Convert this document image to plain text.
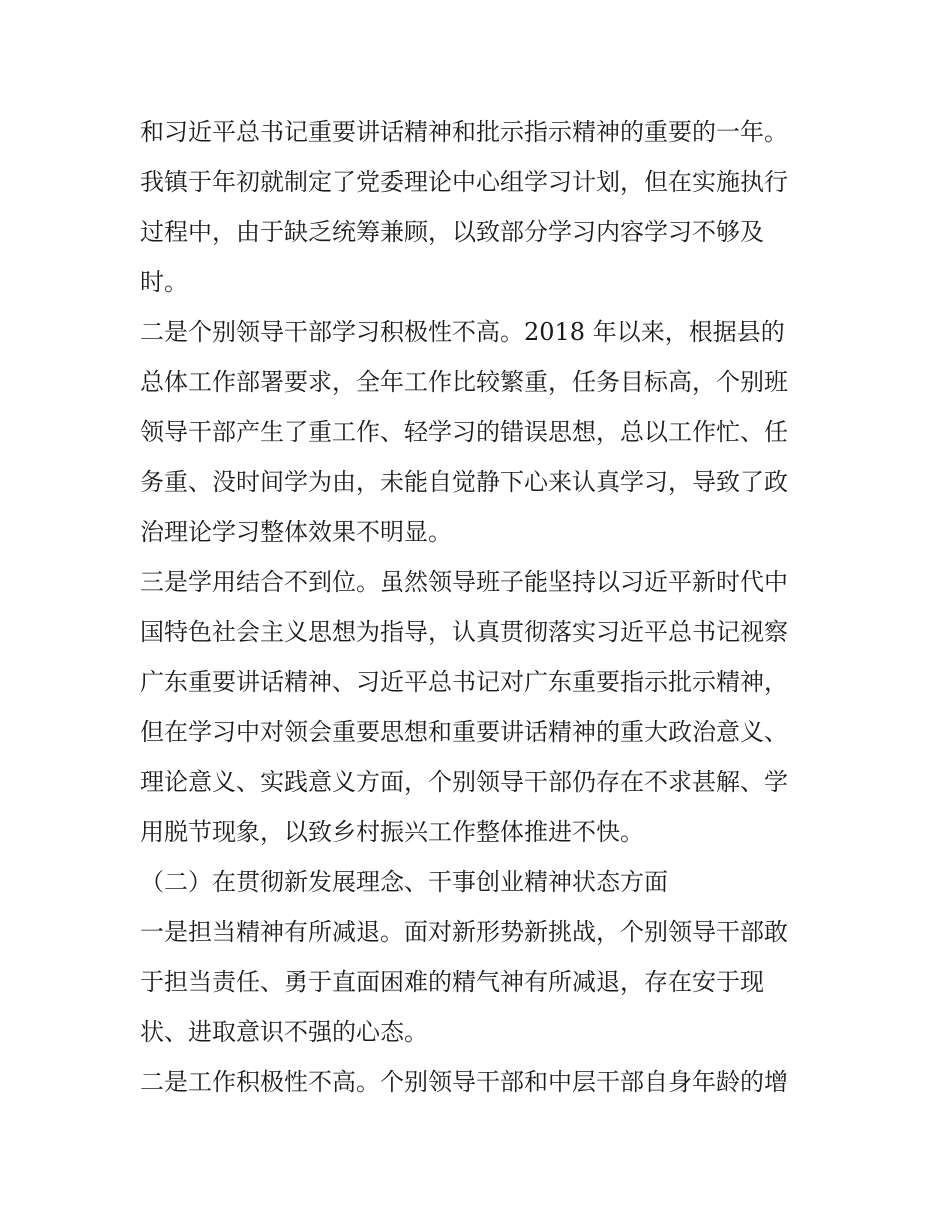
和习近平总书记重要讲话精神和批示指示精神的重要的一年。
我镇于年初就制定了党委理论中心组学习计划，但在实施执行
过程中，由于缺乏统筹兼顾，以致部分学习内容学习不够及
时。
二是个别领导干部学习积极性不高。2018 年以来，根据县的
总体工作部署要求，全年工作比较繁重，任务目标高，个别班
领导干部产生了重工作、轻学习的错误思想，总以工作忙、任
务重、没时间学为由，未能自觉静下心来认真学习，导致了政
治理论学习整体效果不明显。
三是学用结合不到位。虽然领导班子能坚持以习近平新时代中
国特色社会主义思想为指导，认真贯彻落实习近平总书记视察
广东重要讲话精神、习近平总书记对广东重要指示批示精神，
但在学习中对领会重要思想和重要讲话精神的重大政治意义、
理论意义、实践意义方面，个别领导干部仍存在不求甚解、学
用脱节现象，以致乡村振兴工作整体推进不快。
（二）在贯彻新发展理念、干事创业精神状态方面
一是担当精神有所减退。面对新形势新挑战，个别领导干部敢
于担当责任、勇于直面困难的精气神有所减退，存在安于现
状、进取意识不强的心态。
二是工作积极性不高。个别领导干部和中层干部自身年龄的增
